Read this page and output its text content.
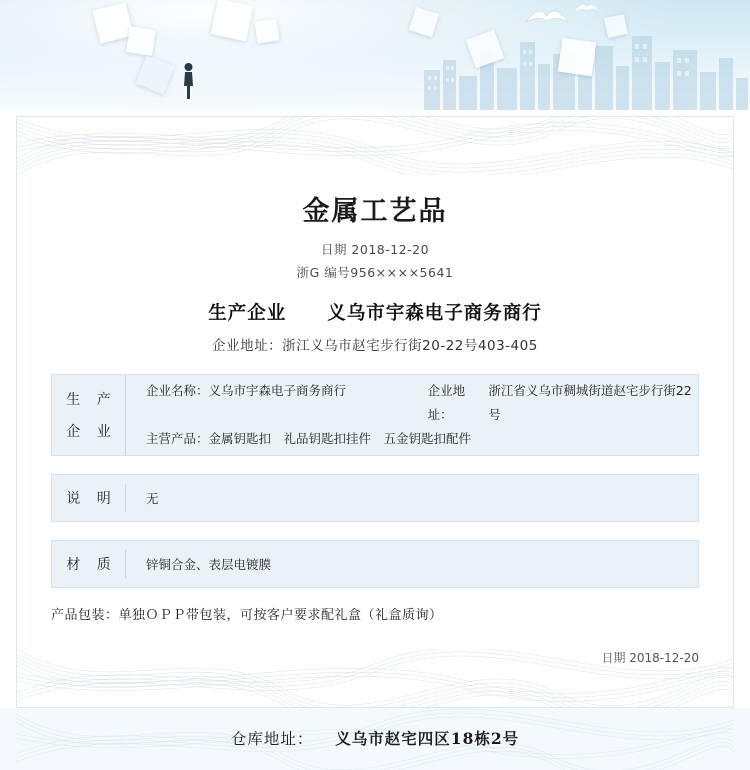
金属工艺品
日期 2018-12-20
浙G 编号956××××5641
生产企业 义乌市宇森电子商务商行
企业地址：浙江义乌市赵宅步行街20-22号403-405
生 产
企 业
企业名称： 义乌市宇森电子商务商行	企业地址：
浙江省义乌市稠城街道赵宅步行街22号
主营产品： 金属钥匙扣　礼品钥匙扣挂件　五金钥匙扣配件
说 明	无
材 质	锌铜合金、表层电镀膜
产品包装：单独ＯＰＰ带包装，可按客户要求配礼盒（礼盒质询）
日期 2018-12-20
仓库地址： 义乌市赵宅四区18栋2号
